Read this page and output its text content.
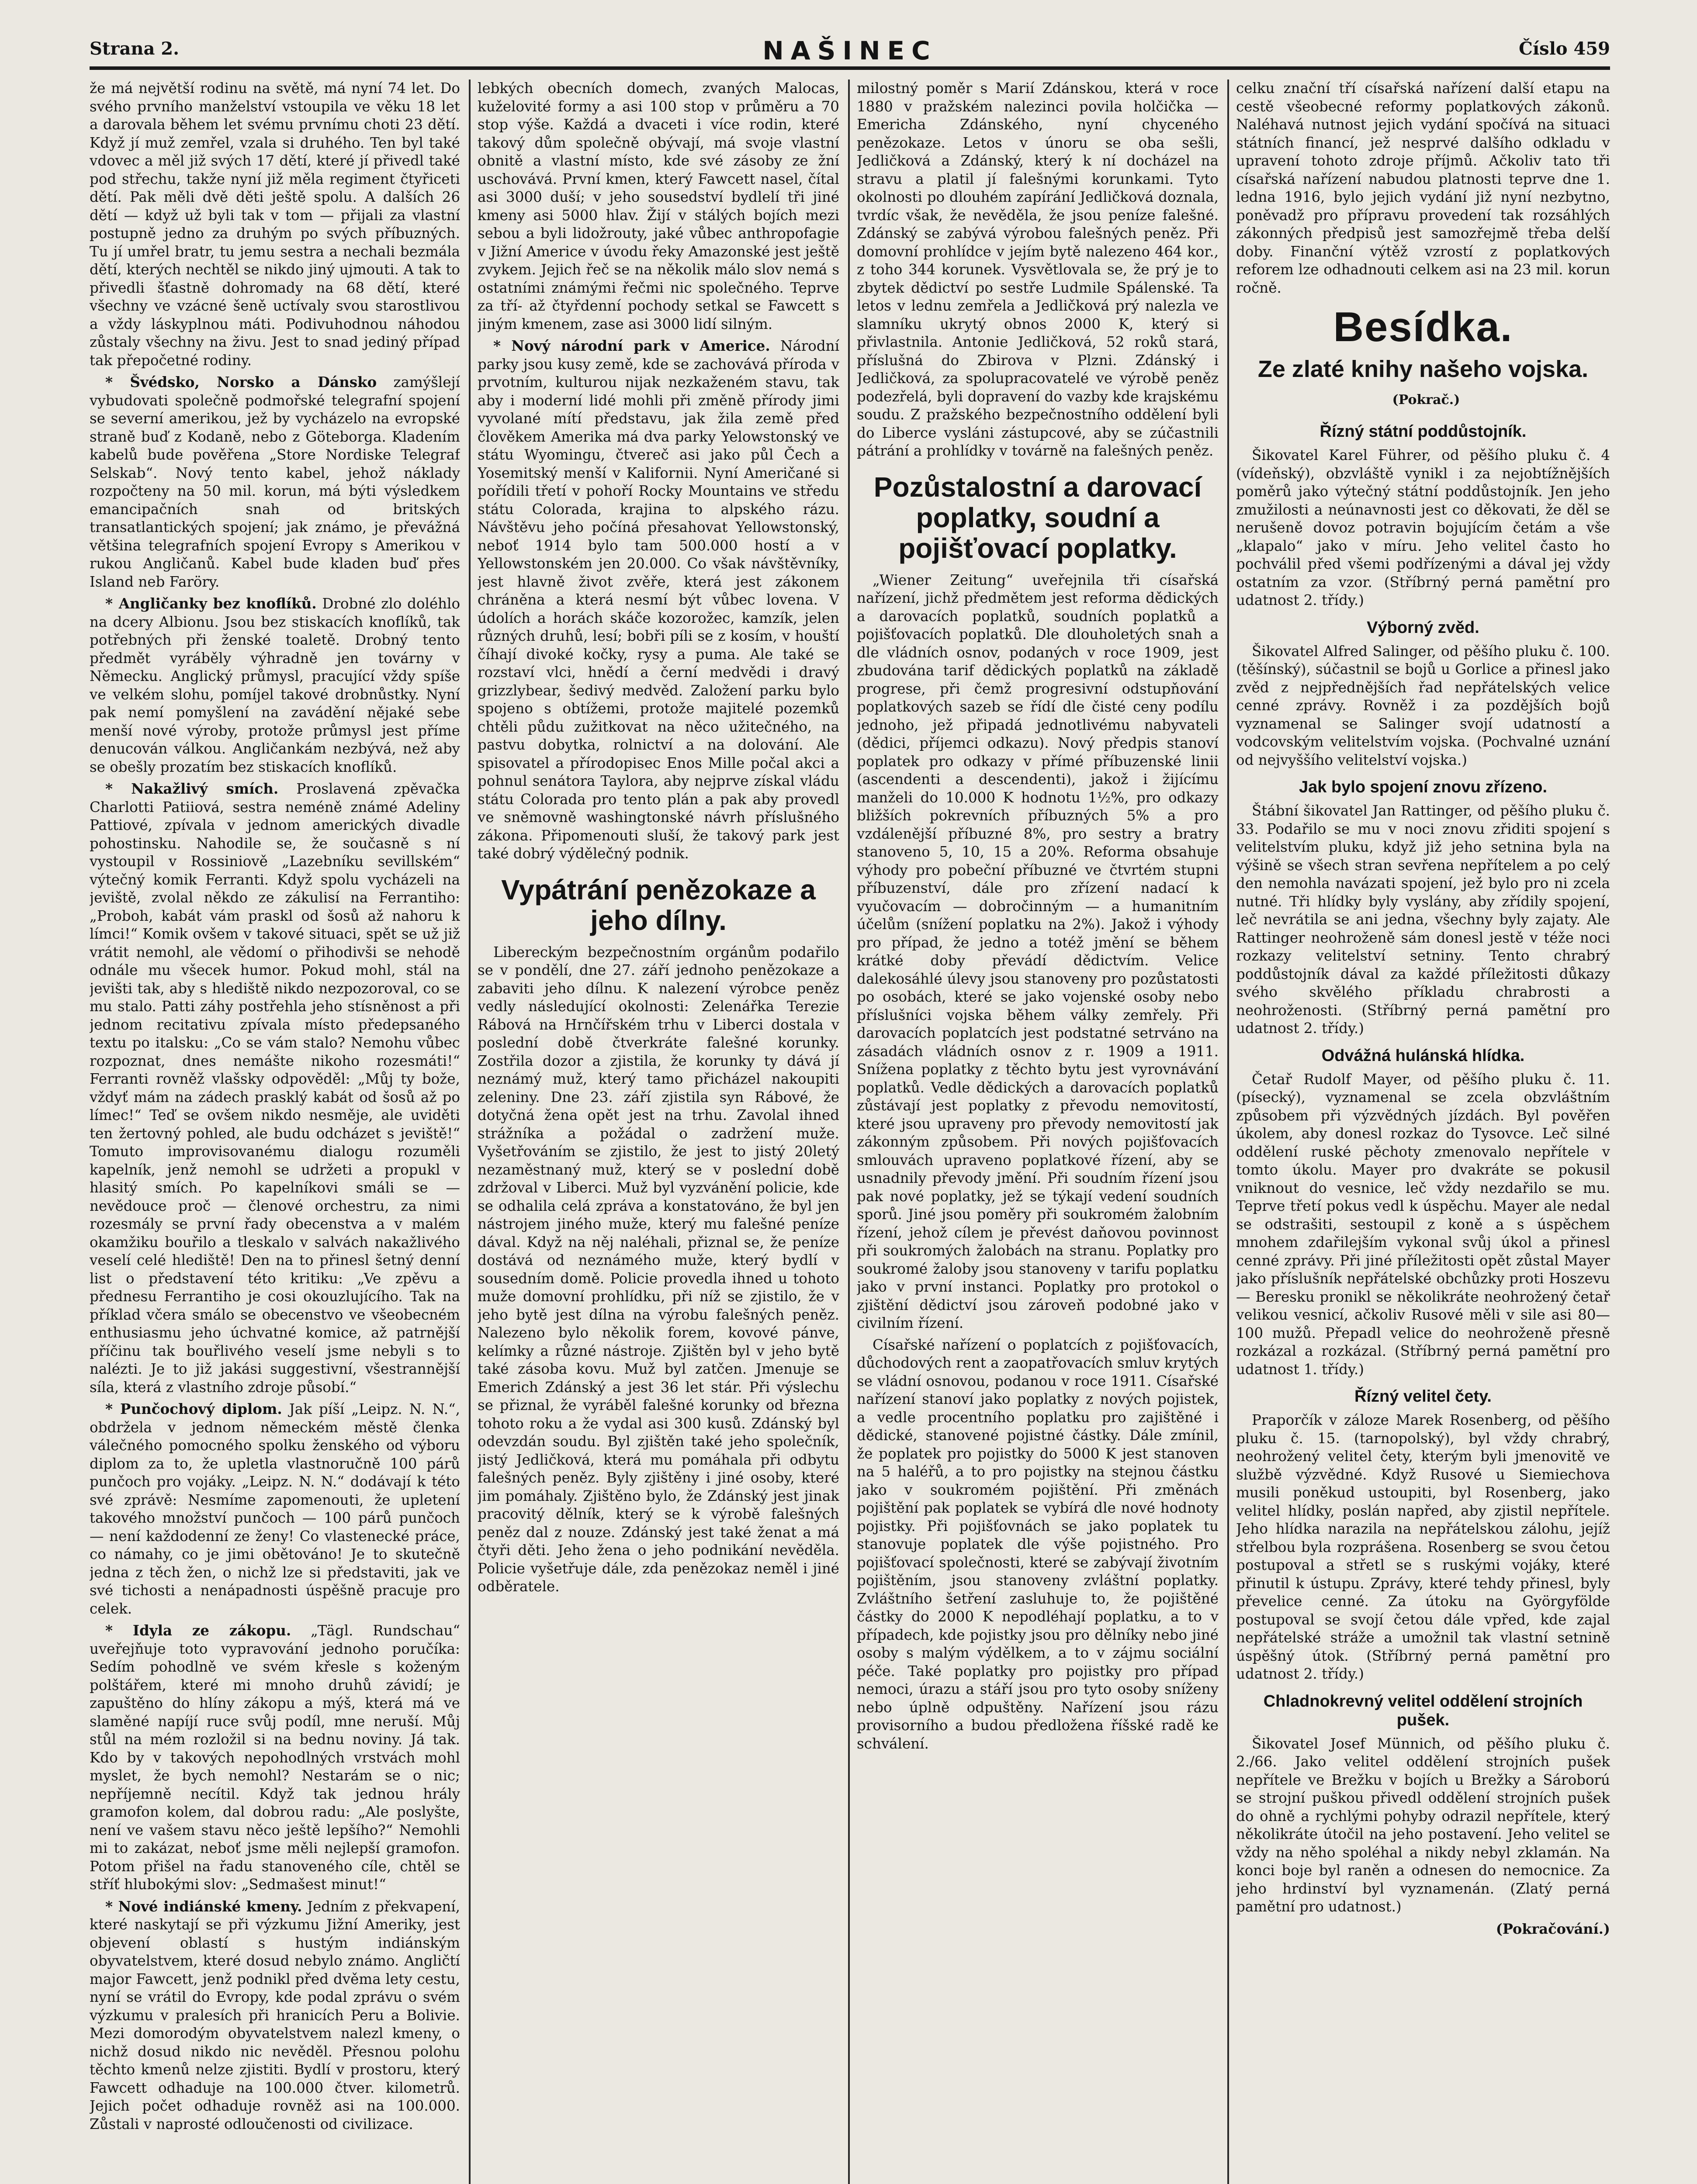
Strana 2.	NAŠINEC	Číslo 459

že má největší rodinu na světě, má nyní 74 let. Do svého prvního manželství vstoupila ve věku 18 let a darovala během let svému prvnímu choti 23 dětí. Když jí muž zemřel, vzala si druhého. Ten byl také vdovec a měl již svých 17 dětí, které jí přivedl také pod střechu, takže nyní již měla regiment čtyřiceti dětí. Pak měli dvě děti ještě spolu. A dalších 26 dětí — když už byli tak v tom — přijali za vlastní postupně jedno za druhým po svých příbuzných. Tu jí umřel bratr, tu jemu sestra a nechali bezmála dětí, kterých nechtěl se nikdo jiný ujmouti. A tak to přivedli šťastně dohromady na 68 dětí, které všechny ve vzácné šeně uctívaly svou starostlivou a vždy láskyplnou máti. Podivuhodnou náhodou zůstaly všechny na živu. Jest to snad jediný případ tak přepočetné rodiny.

* Švédsko, Norsko a Dánsko zamýšlejí vybudovati společně podmořské telegrafní spojení se severní amerikou, jež by vycházelo na evropské straně buď z Kodaně, nebo z Göteborga. Kladením kabelů bude pověřena „Store Nordiske Telegraf Selskab“. Nový tento kabel, jehož náklady rozpočteny na 50 mil. korun, má býti výsledkem emancipačních snah od britských transatlantických spojení; jak známo, je převážná většina telegrafních spojení Evropy s Amerikou v rukou Angličanů. Kabel bude kladen buď přes Island neb Faröry.

* Angličanky bez knoflíků. Drobné zlo doléhlo na dcery Albionu. Jsou bez stiskacích knoflíků, tak potřebných při ženské toaletě. Drobný tento předmět vyráběly výhradně jen továrny v Německu. Anglický průmysl, pracující vždy spíše ve velkém slohu, pomíjel takové drobnůstky. Nyní pak nemí pomyšlení na zavádění nějaké sebe menší nové výroby, protože průmysl jest příme denucován válkou. Angličankám nezbývá, než aby se obešly prozatím bez stiskacích knoflíků.

* Nakažlivý smích. Proslavená zpěvačka Charlotti Patiiová, sestra neméně známé Adeliny Pattiové, zpívala v jednom amerických divadle pohostinsku. Nahodile se, že současně s ní vystoupil v Rossiniově „Lazebníku sevillském“ výtečný komik Ferranti. Když spolu vycházeli na jeviště, zvolal někdo ze zákulisí na Ferrantiho: „Proboh, kabát vám praskl od šosů až nahoru k límci!“ Komik ovšem v takové situaci, spět se už již vrátit nemohl, ale vědomí o přihodivši se nehodě odnále mu všecek humor. Pokud mohl, stál na jevišti tak, aby s hlediště nikdo nezpozoroval, co se mu stalo. Patti záhy postřehla jeho stísněnost a při jednom recitativu zpívala místo předepsaného textu po italsku: „Co se vám stalo? Nemohu vůbec rozpoznat, dnes nemášte nikoho rozesmáti!“ Ferranti rovněž vlašsky odpověděl: „Můj ty bože, vždyť mám na zádech prasklý kabát od šosů až po límec!“ Teď se ovšem nikdo nesměje, ale uviděti ten žertovný pohled, ale budu odcházet s jeviště!“ Tomuto improvisovanému dialogu rozuměli kapelník, jenž nemohl se udržeti a propukl v hlasitý smích. Po kapelníkovi smáli se — nevědouce proč — členové orchestru, za nimi rozesmály se první řady obecenstva a v malém okamžiku bouřilo a tleskalo v salvách nakažlivého veselí celé hlediště! Den na to přinesl šetný denní list o představení této kritiku: „Ve zpěvu a přednesu Ferrantiho je cosi okouzlujícího. Tak na příklad včera smálo se obecenstvo ve všeobecném enthusiasmu jeho úchvatné komice, až patrnější příčinu tak bouřlivého veselí jsme nebyli s to nalézti. Je to již jakási suggestivní, všestrannější síla, která z vlastního zdroje působí.“

* Punčochový diplom. Jak píší „Leipz. N. N.“, obdržela v jednom německém městě členka válečného pomocného spolku ženského od výboru diplom za to, že upletla vlastnoručně 100 párů punčoch pro vojáky. „Leipz. N. N.“ dodávají k této své zprávě: Nesmíme zapomenouti, že upletení takového množství punčoch — 100 párů punčoch — není každodenní ze ženy! Co vlastenecké práce, co námahy, co je jimi obětováno! Je to skutečně jedna z těch žen, o nichž lze si představiti, jak ve své tichosti a nenápadnosti úspěšně pracuje pro celek.

* Idyla ze zákopu. „Tägl. Rundschau“ uveřejňuje toto vypravování jednoho poručíka: Sedím pohodlně ve svém křesle s koženým polštářem, které mi mnoho druhů závidí; je zapuštěno do hlíny zákopu a mýš, která má ve slaměné napíjí ruce svůj podíl, mne neruší. Můj stůl na mém rozložil si na bednu noviny. Já tak. Kdo by v takových nepohodlných vrstvách mohl myslet, že bych nemohl? Nestarám se o nic; nepříjemně necítil. Když tak jednou hrály gramofon kolem, dal dobrou radu: „Ale poslyšte, není ve vašem stavu něco ještě lepšího?“ Nemohli mi to zakázat, neboť jsme měli nejlepší gramofon. Potom přišel na řadu stanoveného cíle, chtěl se stříť hlubokými slov: „Sedmašest minut!“

* Nové indiánské kmeny. Jedním z překvapení, které naskytají se při výzkumu Jižní Ameriky, jest objevení oblastí s hustým indiánským obyvatelstvem, které dosud nebylo známo. Angličtí major Fawcett, jenž podnikl před dvěma lety cestu, nyní se vrátil do Evropy, kde podal zprávu o svém výzkumu v pralesích při hranicích Peru a Bolivie. Mezi domorodým obyvatelstvem nalezl kmeny, o nichž dosud nikdo nic nevěděl. Přesnou polohu těchto kmenů nelze zjistiti. Bydlí v prostoru, který Fawcett odhaduje na 100.000 čtver. kilometrů. Jejich počet odhaduje rovněž asi na 100.000. Zůstali v naprosté odloučenosti od civilizace.

lebkých obecních domech, zvaných Malocas, kuželovité formy a asi 100 stop v průměru a 70 stop výše. Každá a dvaceti i více rodin, které takový dům společně obývají, má svoje vlastní obnitě a vlastní místo, kde své zásoby ze žní uschovává. První kmen, který Fawcett nasel, čítal asi 3000 duší; v jeho sousedství bydlelí tři jiné kmeny asi 5000 hlav. Žijí v stálých bojích mezi sebou a byli lidožrouty, jaké vůbec anthropofagie v Jižní Americe v úvodu řeky Amazonské jest ještě zvykem. Jejich řeč se na několik málo slov nemá s ostatními známými řečmi nic společného. Teprve za tří- až čtyřdenní pochody setkal se Fawcett s jiným kmenem, zase asi 3000 lidí silným.

* Nový národní park v Americe. Národní parky jsou kusy země, kde se zachovává příroda v prvotním, kulturou nijak nezkaženém stavu, tak aby i moderní lidé mohli při změně přírody jimi vyvolané mítí představu, jak žila země před člověkem Amerika má dva parky Yelowstonský ve státu Wyomingu, čtvereč asi jako půl Čech a Yosemitský menší v Kalifornii. Nyní Američané si pořídili třetí v pohoří Rocky Mountains ve středu státu Colorada, krajina to alpského rázu. Návštěvu jeho počíná přesahovat Yellowstonský, neboť 1914 bylo tam 500.000 hostí a v Yellowstonském jen 20.000. Co však návštěvníky, jest hlavně život zvěře, která jest zákonem chráněna a která nesmí být vůbec lovena. V údolích a horách skáče kozorožec, kamzík, jelen různých druhů, lesí; bobři píli se z kosím, v houští číhají divoké kočky, rysy a puma. Ale také se rozstaví vlci, hnědí a černí medvědi i dravý grizzlybear, šedivý medvěd. Založení parku bylo spojeno s obtížemi, protože majitelé pozemků chtěli půdu zužitkovat na něco užitečného, na pastvu dobytka, rolnictví a na dolování. Ale spisovatel a přírodopisec Enos Mille počal akci a pohnul senátora Taylora, aby nejprve získal vládu státu Colorada pro tento plán a pak aby provedl ve sněmovně washingtonské návrh příslušného zákona. Připomenouti sluší, že takový park jest také dobrý výdělečný podnik.

Vypátrání penězokaze a jeho dílny.

Libereckým bezpečnostním orgánům podařilo se v pondělí, dne 27. září jednoho penězokaze a zabaviti jeho dílnu. K nalezení výrobce peněz vedly následující okolnosti: Zelenářka Terezie Rábová na Hrnčířském trhu v Liberci dostala v poslední době čtverkráte falešné korunky. Zostřila dozor a zjistila, že korunky ty dává jí neznámý muž, který tamo přicházel nakoupiti zeleniny. Dne 23. září zjistila syn Rábové, že dotyčná žena opět jest na trhu. Zavolal ihned strážníka a požádal o zadržení muže. Vyšetřováním se zjistilo, že jest to jistý 20letý nezaměstnaný muž, který se v poslední době zdržoval v Liberci. Muž byl vyzvánění policie, kde se odhalila celá zpráva a konstatováno, že byl jen nástrojem jiného muže, který mu falešné peníze dával. Když na něj naléhali, přiznal se, že peníze dostává od neznámého muže, který bydlí v sousedním domě. Policie provedla ihned u tohoto muže domovní prohlídku, při níž se zjistilo, že v jeho bytě jest dílna na výrobu falešných peněz. Nalezeno bylo několik forem, kovové pánve, kelímky a různé nástroje. Zjištěn byl v jeho bytě také zásoba kovu. Muž byl zatčen. Jmenuje se Emerich Zdánský a jest 36 let stár. Při výslechu se přiznal, že vyráběl falešné korunky od března tohoto roku a že vydal asi 300 kusů. Zdánský byl odevzdán soudu. Byl zjištěn také jeho společník, jistý Jedličková, která mu pomáhala při odbytu falešných peněz. Byly zjištěny i jiné osoby, které jim pomáhaly. Zjištěno bylo, že Zdánský jest jinak pracovitý dělník, který se k výrobě falešných peněz dal z nouze. Zdánský jest také ženat a má čtyři děti. Jeho žena o jeho podnikání nevěděla. Policie vyšetřuje dále, zda penězokaz neměl i jiné odběratele.

milostný poměr s Marií Zdánskou, která v roce 1880 v pražském nalezinci povila holčička — Emericha Zdánského, nyní chyceného penězokaze. Letos v únoru se oba sešli, Jedličková a Zdánský, který k ní docházel na stravu a platil jí falešnými korunkami. Tyto okolnosti po dlouhém zapírání Jedličková doznala, tvrdíc však, že nevěděla, že jsou peníze falešné. Zdánský se zabývá výrobou falešných peněz. Při domovní prohlídce v jejím bytě nalezeno 464 kor., z toho 344 korunek. Vysvětlovala se, že prý je to zbytek dědictví po sestře Ludmile Spálenské. Ta letos v lednu zemřela a Jedličková prý nalezla ve slamníku ukrytý obnos 2000 K, který si přivlastnila. Antonie Jedličková, 52 roků stará, příslušná do Zbirova v Plzni. Zdánský i Jedličková, za spolupracovatelé ve výrobě peněz podezřelá, byli dopravení do vazby kde krajskému soudu. Z pražského bezpečnostního oddělení byli do Liberce vysláni zástupcové, aby se zúčastnili pátrání a prohlídky v továrně na falešných peněz.

Pozůstalostní a darovací poplatky, soudní a pojišťovací poplatky.

„Wiener Zeitung“ uveřejnila tři císařská nařízení, jichž předmětem jest reforma dědických a darovacích poplatků, soudních poplatků a pojišťovacích poplatků. Dle dlouholetých snah a dle vládních osnov, podaných v roce 1909, jest zbudována tarif dědických poplatků na základě progrese, při čemž progresivní odstupňování poplatkových sazeb se řídí dle čisté ceny podílu jednoho, jež připadá jednotlivému nabyvateli (dědici, příjemci odkazu). Nový předpis stanoví poplatek pro odkazy v přímé příbuzenské linii (ascendenti a descendenti), jakož i žijícímu manželi do 10.000 K hodnotu 1½%, pro odkazy bližších pokrevních příbuzných 5% a pro vzdálenější příbuzné 8%, pro sestry a bratry stanoveno 5, 10, 15 a 20%. Reforma obsahuje výhody pro pobeční příbuzné ve čtvrtém stupni příbuzenství, dále pro zřízení nadací k vyučovacím — dobročinným — a humanitním účelům (snížení poplatku na 2%). Jakož i výhody pro případ, že jedno a totéž jmění se během krátké doby převádí dědictvím. Velice dalekosáhlé úlevy jsou stanoveny pro pozůstatosti po osobách, které se jako vojenské osoby nebo příslušníci vojska během války zemřely. Při darovacích poplatcích jest podstatné setrváno na zásadách vládních osnov z r. 1909 a 1911. Snížena poplatky z těchto bytu jest vyrovnávání poplatků. Vedle dědických a darovacích poplatků zůstávají jest poplatky z převodu nemovitostí, které jsou upraveny pro převody nemovitostí jak zákonným způsobem. Při nových pojišťovacích smlouvách upraveno poplatkové řízení, aby se usnadnily převody jmění. Při soudním řízení jsou pak nové poplatky, jež se týkají vedení soudních sporů. Jiné jsou poměry při soukromém žalobním řízení, jehož cílem je převést daňovou povinnost při soukromých žalobách na stranu. Poplatky pro soukromé žaloby jsou stanoveny v tarifu poplatku jako v první instanci. Poplatky pro protokol o zjištění dědictví jsou zároveň podobné jako v civilním řízení.

Císařské nařízení o poplatcích z pojišťovacích, důchodových rent a zaopatřovacích smluv krytých se vládní osnovou, podanou v roce 1911. Císařské nařízení stanoví jako poplatky z nových pojistek, a vedle procentního poplatku pro zajištěné i dědické, stanovené pojistné částky. Dále zmínil, že poplatek pro pojistky do 5000 K jest stanoven na 5 haléřů, a to pro pojistky na stejnou částku jako v soukromém pojištění. Při změnách pojištění pak poplatek se vybírá dle nové hodnoty pojistky. Při pojišťovnách se jako poplatek tu stanovuje poplatek dle výše pojistného. Pro pojišťovací společnosti, které se zabývají životním pojištěním, jsou stanoveny zvláštní poplatky. Zvláštního šetření zasluhuje to, že pojištěné částky do 2000 K nepodléhají poplatku, a to v případech, kde pojistky jsou pro dělníky nebo jiné osoby s malým výdělkem, a to v zájmu sociální péče. Také poplatky pro pojistky pro případ nemoci, úrazu a stáří jsou pro tyto osoby sníženy nebo úplně odpuštěny. Nařízení jsou rázu provisorního a budou předložena říšské radě ke schválení.

celku znační tří císařská nařízení další etapu na cestě všeobecné reformy poplatkových zákonů. Naléhavá nutnost jejich vydání spočívá na situaci státních financí, jež nesprvé dalšího odkladu v upravení tohoto zdroje příjmů. Ačkoliv tato tři císařská nařízení nabudou platnosti teprve dne 1. ledna 1916, bylo jejich vydání již nyní nezbytno, poněvadž pro přípravu provedení tak rozsáhlých zákonných předpisů jest samozřejmě třeba delší doby. Finanční výtěž vzrostí z poplatkových reforem lze odhadnouti celkem asi na 23 mil. korun ročně.

Besídka.
Ze zlaté knihy našeho vojska.
(Pokrač.)
Řízný státní poddůstojník.

Šikovatel Karel Führer, od pěšího pluku č. 4 (vídeňský), obzvláště vynikl i za nejobtížnějších poměrů jako výtečný státní poddůstojník. Jen jeho zmužilosti a neúnavnosti jest co děkovati, že děl se nerušeně dovoz potravin bojujícím četám a vše „klapalo“ jako v míru. Jeho velitel často ho pochválil před všemi podřízenými a dával jej vždy ostatním za vzor. (Stříbrný perná pamětní pro udatnost 2. třídy.)

Výborný zvěd.

Šikovatel Alfred Salinger, od pěšího pluku č. 100. (těšínský), súčastnil se bojů u Gorlice a přinesl jako zvěd z nejpřednějších řad nepřátelských velice cenné zprávy. Rovněž i za pozdějších bojů vyznamenal se Salinger svojí udatností a vodcovským velitelstvím vojska. (Pochvalné uznání od nejvyššího velitelství vojska.)

Jak bylo spojení znovu zřízeno.

Štábní šikovatel Jan Rattinger, od pěšího pluku č. 33. Podařilo se mu v noci znovu zřiditi spojení s velitelstvím pluku, když již jeho setnina byla na výšině se všech stran sevřena nepřítelem a po celý den nemohla navázati spojení, jež bylo pro ni zcela nutné. Tři hlídky byly vyslány, aby zřídily spojení, leč nevrátila se ani jedna, všechny byly zajaty. Ale Rattinger neohroženě sám donesl jestě v téže noci rozkazy velitelství setniny. Tento chrabrý poddůstojník dával za každé příležitosti důkazy svého skvělého příkladu chrabrosti a neohroženosti. (Stříbrný perná pamětní pro udatnost 2. třídy.)

Odvážná hulánská hlídka.

Četař Rudolf Mayer, od pěšího pluku č. 11. (písecký), vyznamenal se zcela obzvláštním způsobem při výzvědných jízdách. Byl pověřen úkolem, aby donesl rozkaz do Tysovce. Leč silné oddělení ruské pěchoty zmenovalo nepřítele v tomto úkolu. Mayer pro dvakráte se pokusil vniknout do vesnice, leč vždy nezdařilo se mu. Teprve třetí pokus vedl k úspěchu. Mayer ale nedal se odstrašiti, sestoupil z koně a s úspěchem mnohem zdařilejším vykonal svůj úkol a přinesl cenné zprávy. Při jiné příležitosti opět zůstal Mayer jako příslušník nepřátelské obchůzky proti Hoszevu — Beresku pronikl se několikráte neohrožený četař velikou vesnicí, ačkoliv Rusové měli v sile asi 80—100 mužů. Přepadl velice do neohroženě přesně rozkázal a rozkázal. (Stříbrný perná pamětní pro udatnost 1. třídy.)

Řízný velitel čety.

Praporčík v záloze Marek Rosenberg, od pěšího pluku č. 15. (tarnopolský), byl vždy chrabrý, neohrožený velitel čety, kterým byli jmenovitě ve službě výzvědné. Když Rusové u Siemiechova musili poněkud ustoupiti, byl Rosenberg, jako velitel hlídky, poslán napřed, aby zjistil nepřítele. Jeho hlídka narazila na nepřátelskou zálohu, jejíž střelbou byla rozprášena. Rosenberg se svou četou postupoval a střetl se s ruskými vojáky, které přinutil k ústupu. Zprávy, které tehdy přinesl, byly převelice cenné. Za útoku na Györgyfölde postupoval se svojí četou dále vpřed, kde zajal nepřátelské stráže a umožnil tak vlastní setnině úspěšný útok. (Stříbrný perná pamětní pro udatnost 2. třídy.)

Chladnokrevný velitel oddělení strojních pušek.

Šikovatel Josef Münnich, od pěšího pluku č. 2./66. Jako velitel oddělení strojních pušek nepřítele ve Brežku v bojích u Brežky a Sároború se strojní puškou přivedl oddělení strojních pušek do ohně a rychlými pohyby odrazil nepřítele, který několikráte útočil na jeho postavení. Jeho velitel se vždy na něho spoléhal a nikdy nebyl zklamán. Na konci boje byl raněn a odnesen do nemocnice. Za jeho hrdinství byl vyznamenán. (Zlatý perná pamětní pro udatnost.)

(Pokračování.)
